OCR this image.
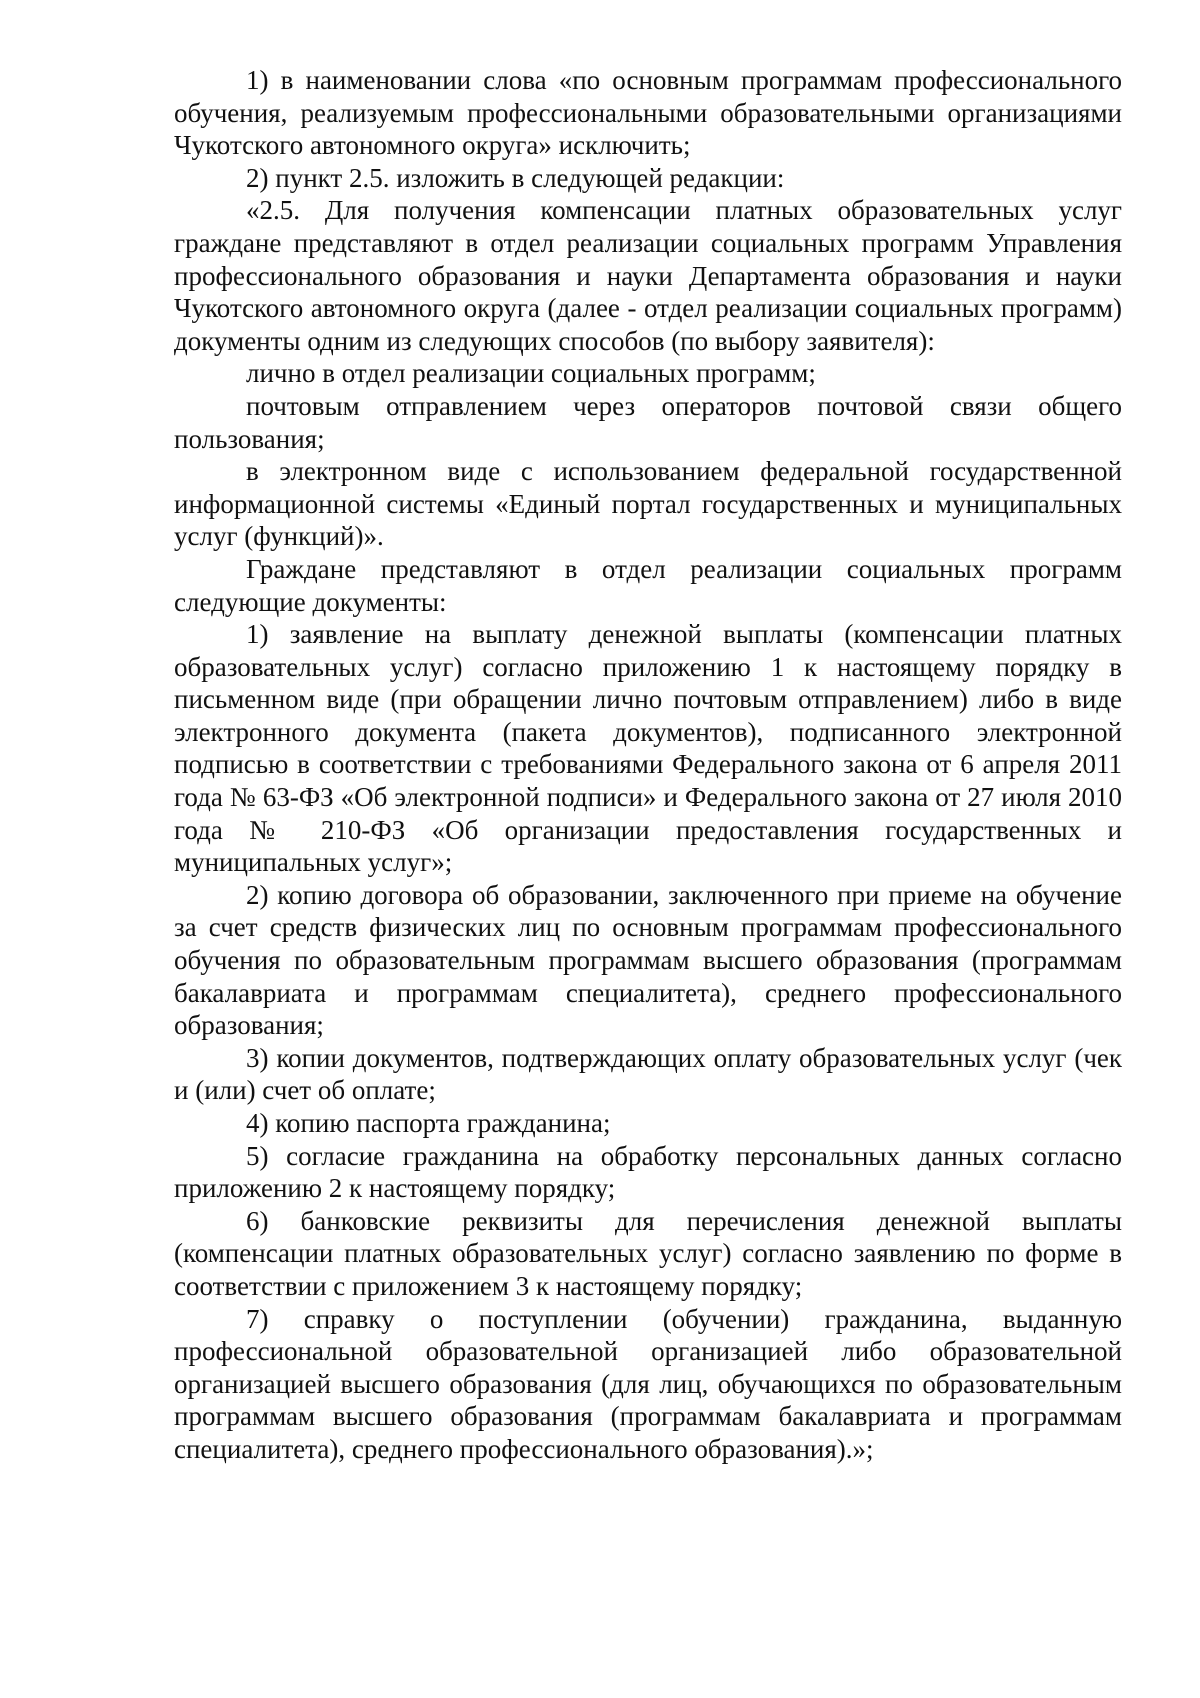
1) в наименовании слова «по основным программам профессионального обучения, реализуемым профессиональными образовательными организациями Чукотского автономного округа» исключить;

2) пункт 2.5. изложить в следующей редакции:

«2.5. Для получения компенсации платных образовательных услуг граждане представляют в отдел реализации социальных программ Управления профессионального образования и науки Департамента образования и науки Чукотского автономного округа (далее - отдел реализации социальных программ) документы одним из следующих способов (по выбору заявителя):

лично в отдел реализации социальных программ;

почтовым отправлением через операторов почтовой связи общего пользования;

в электронном виде с использованием федеральной государственной информационной системы «Единый портал государственных и муниципальных услуг (функций)».

Граждане представляют в отдел реализации социальных программ следующие документы:

1) заявление на выплату денежной выплаты (компенсации платных образовательных услуг) согласно приложению 1 к настоящему порядку в письменном виде (при обращении лично почтовым отправлением) либо в виде электронного документа (пакета документов), подписанного электронной подписью в соответствии с требованиями Федерального закона от 6 апреля 2011 года № 63-ФЗ «Об электронной подписи» и Федерального закона от 27 июля 2010 года № 210-ФЗ «Об организации предоставления государственных и муниципальных услуг»;

2) копию договора об образовании, заключенного при приеме на обучение за счет средств физических лиц по основным программам профессионального обучения по образовательным программам высшего образования (программам бакалавриата и программам специалитета), среднего профессионального образования;

3) копии документов, подтверждающих оплату образовательных услуг (чек и (или) счет об оплате;

4) копию паспорта гражданина;

5) согласие гражданина на обработку персональных данных согласно приложению 2 к настоящему порядку;

6) банковские реквизиты для перечисления денежной выплаты (компенсации платных образовательных услуг) согласно заявлению по форме в соответствии с приложением 3 к настоящему порядку;

7) справку о поступлении (обучении) гражданина, выданную профессиональной образовательной организацией либо образовательной организацией высшего образования (для лиц, обучающихся по образовательным программам высшего образования (программам бакалавриата и программам специалитета), среднего профессионального образования).»;
